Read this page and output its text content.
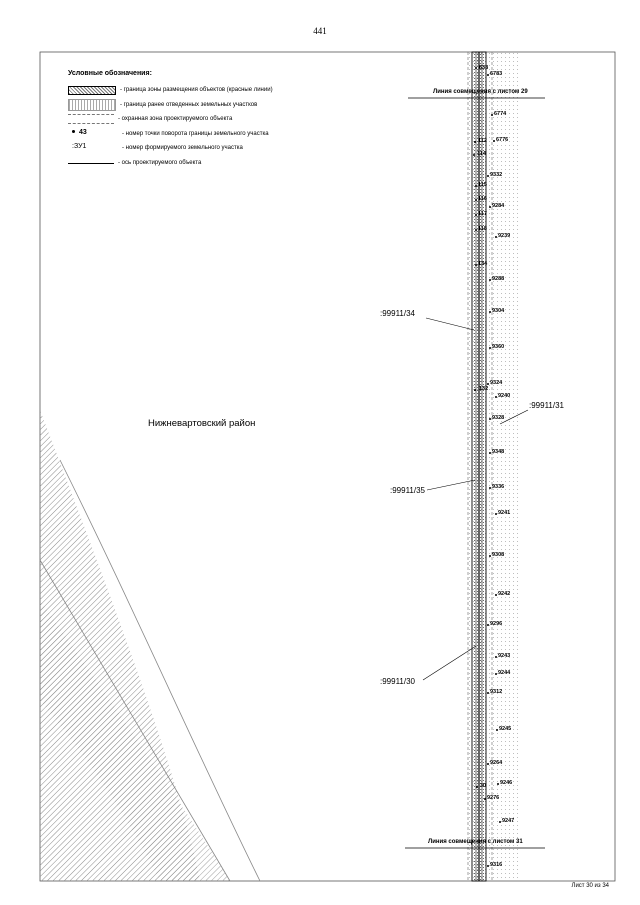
441
Условные обозначения:
- граница зоны размещения объектов (красные линии)
- граница ранее отведенных земельных участков
- охранная зона проектируемого объекта
43	- номер точки поворота границы земельного участка
:ЗУ1	- номер формируемого земельного участка
- ось проектируемого объекта
Нижневартовский район
Линия совмещения с листом 29
Линия совмещения с листом 31
:99911/34
:99911/31
:99911/35
:99911/30
638
6783
6774
112 6776
114
9332
115
116
9284
117
118
9239
134
9288
9304
9360
9324
132
9240
9328
9348
9336
9241
9308
9242
9296
9243
9244
9312
9245
9264
30	9246
9276
9247
9316
Лист 30 из 34
